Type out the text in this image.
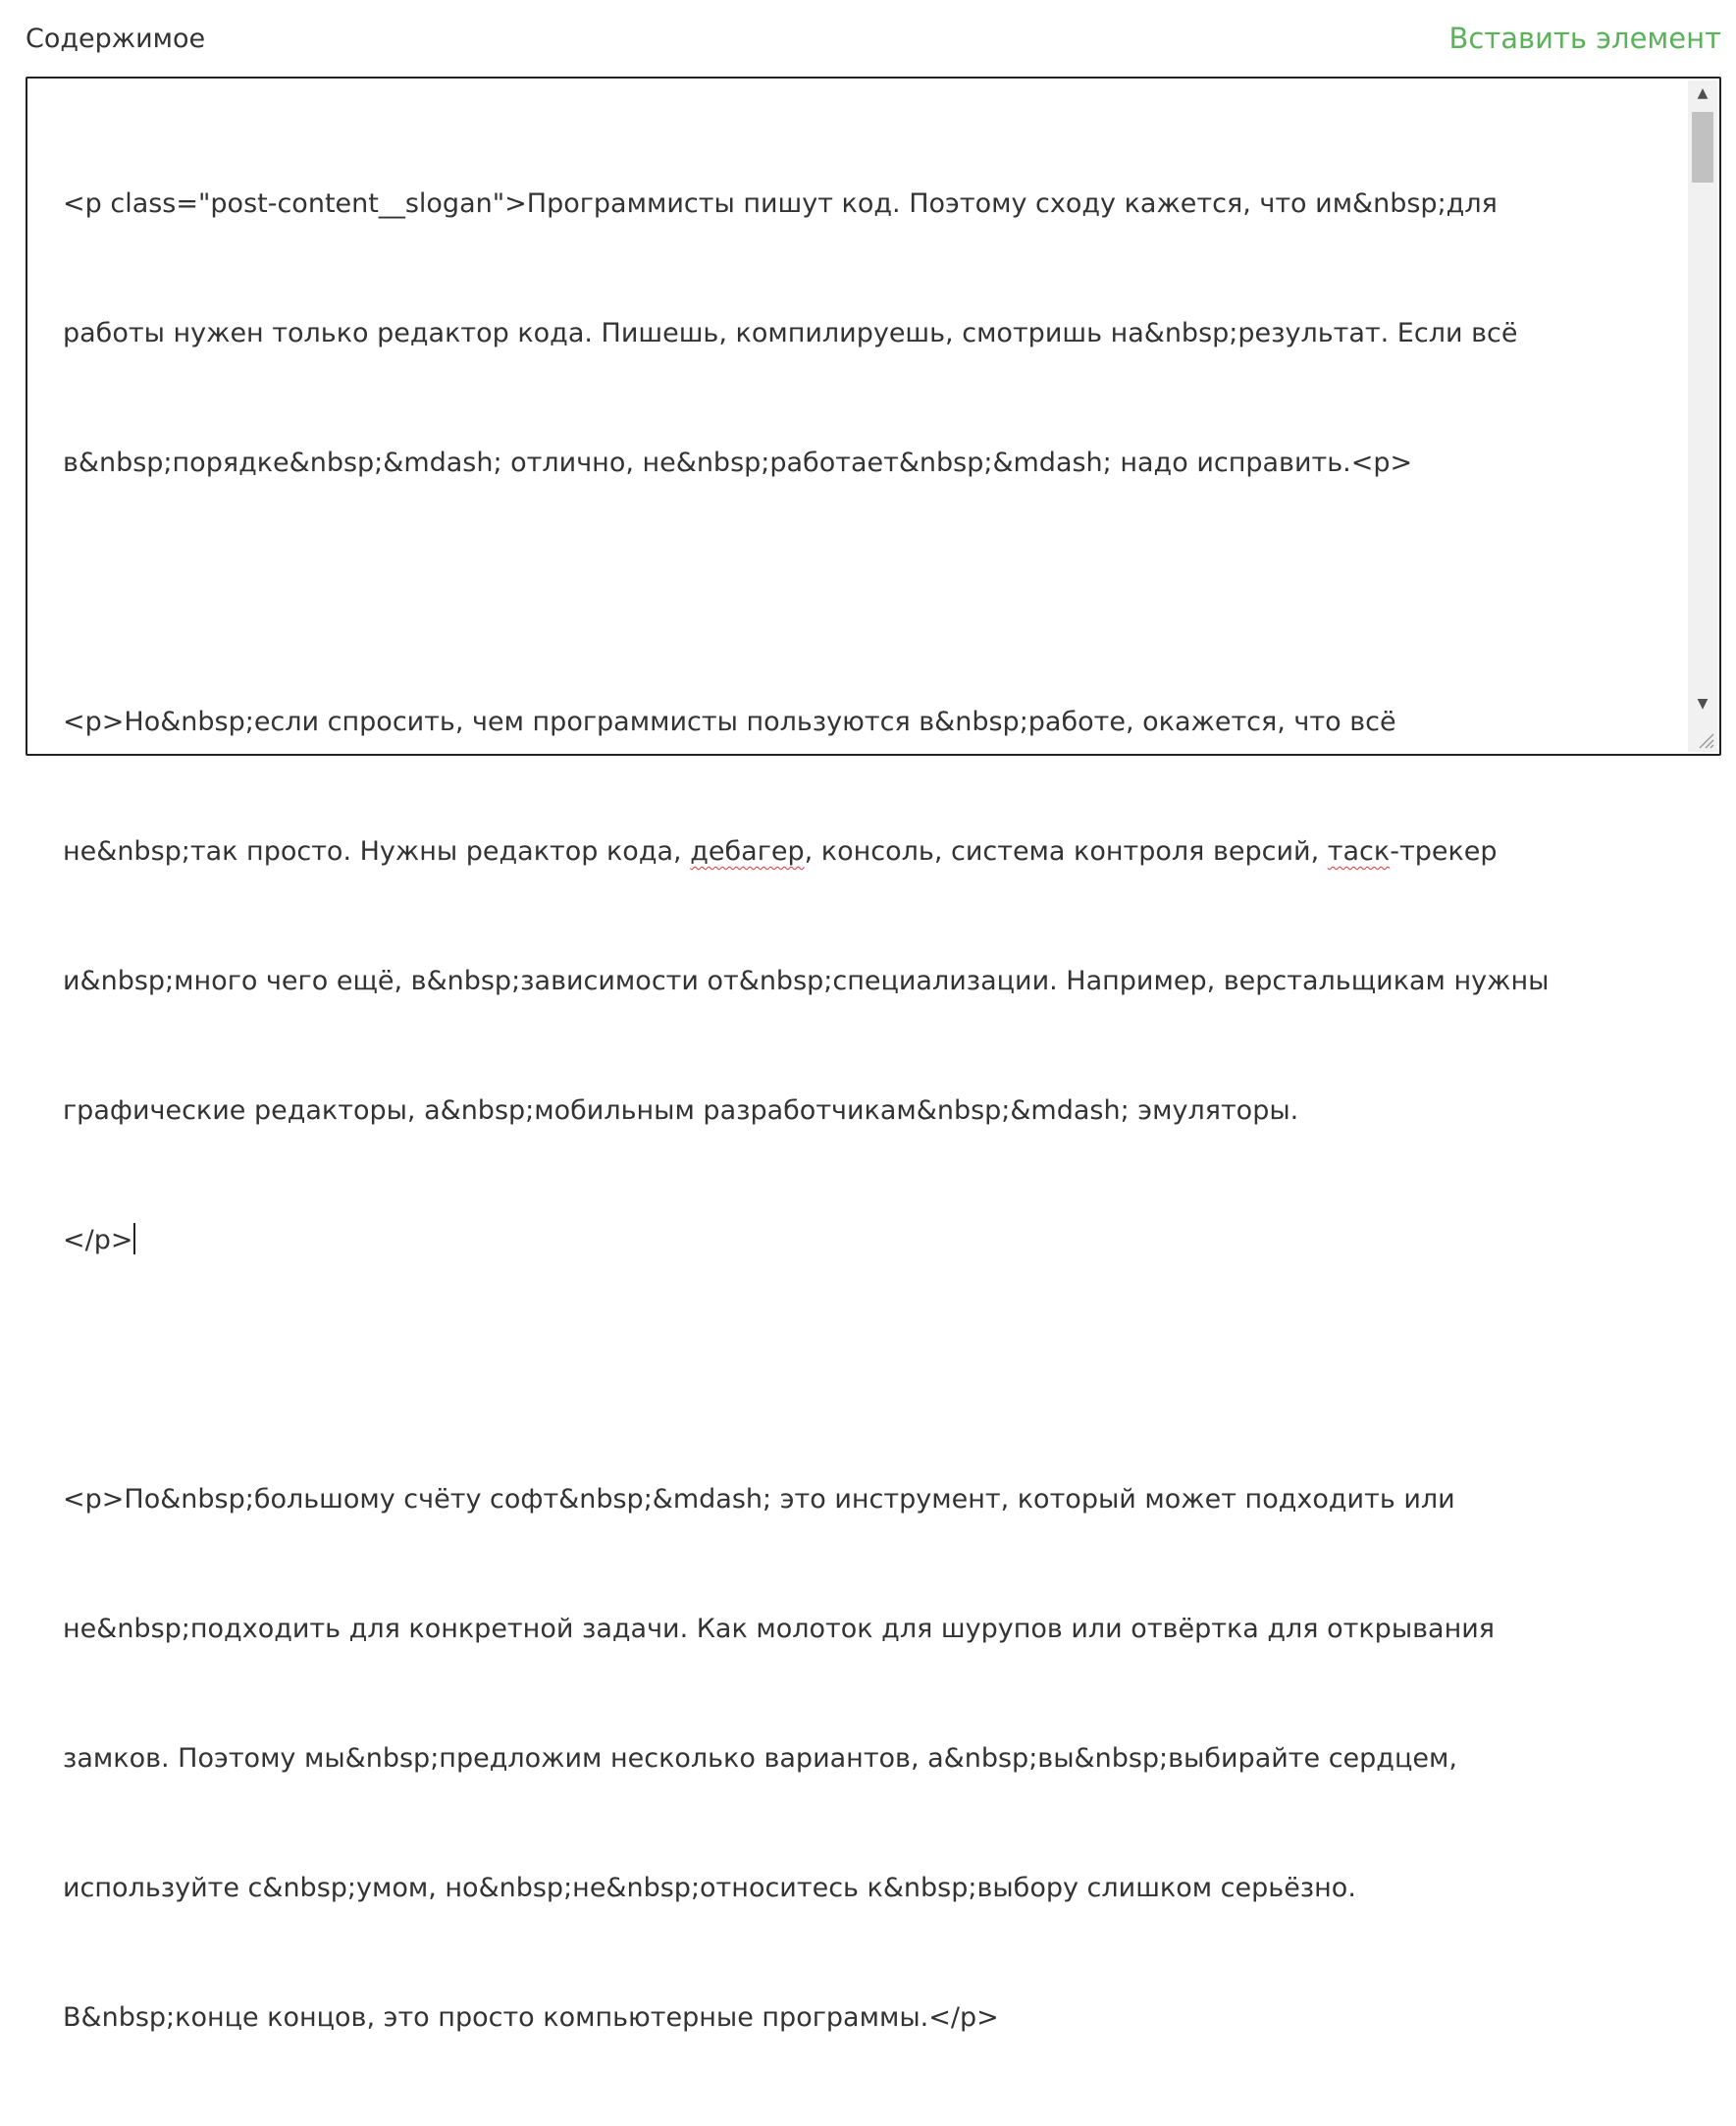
Содержимое	Вставить элемент

<p class="post-content__slogan">Программисты пишут код. Поэтому сходу кажется, что им&nbsp;для

работы нужен только редактор кода. Пишешь, компилируешь, смотришь на&nbsp;результат. Если всё

в&nbsp;порядке&nbsp;&mdash; отлично, не&nbsp;работает&nbsp;&mdash; надо исправить.<p>

<p>Но&nbsp;если спросить, чем программисты пользуются в&nbsp;работе, окажется, что всё

не&nbsp;так просто. Нужны редактор кода, дебагер, консоль, система контроля версий, таск-трекер

и&nbsp;много чего ещё, в&nbsp;зависимости от&nbsp;специализации. Например, верстальщикам нужны

графические редакторы, а&nbsp;мобильным разработчикам&nbsp;&mdash; эмуляторы.

</p>

<p>По&nbsp;большому счёту софт&nbsp;&mdash; это инструмент, который может подходить или

не&nbsp;подходить для конкретной задачи. Как молоток для шурупов или отвёртка для открывания

замков. Поэтому мы&nbsp;предложим несколько вариантов, а&nbsp;вы&nbsp;выбирайте сердцем,

используйте с&nbsp;умом, но&nbsp;не&nbsp;относитесь к&nbsp;выбору слишком серьёзно.

В&nbsp;конце концов, это просто компьютерные программы.</p>

▲
▼
